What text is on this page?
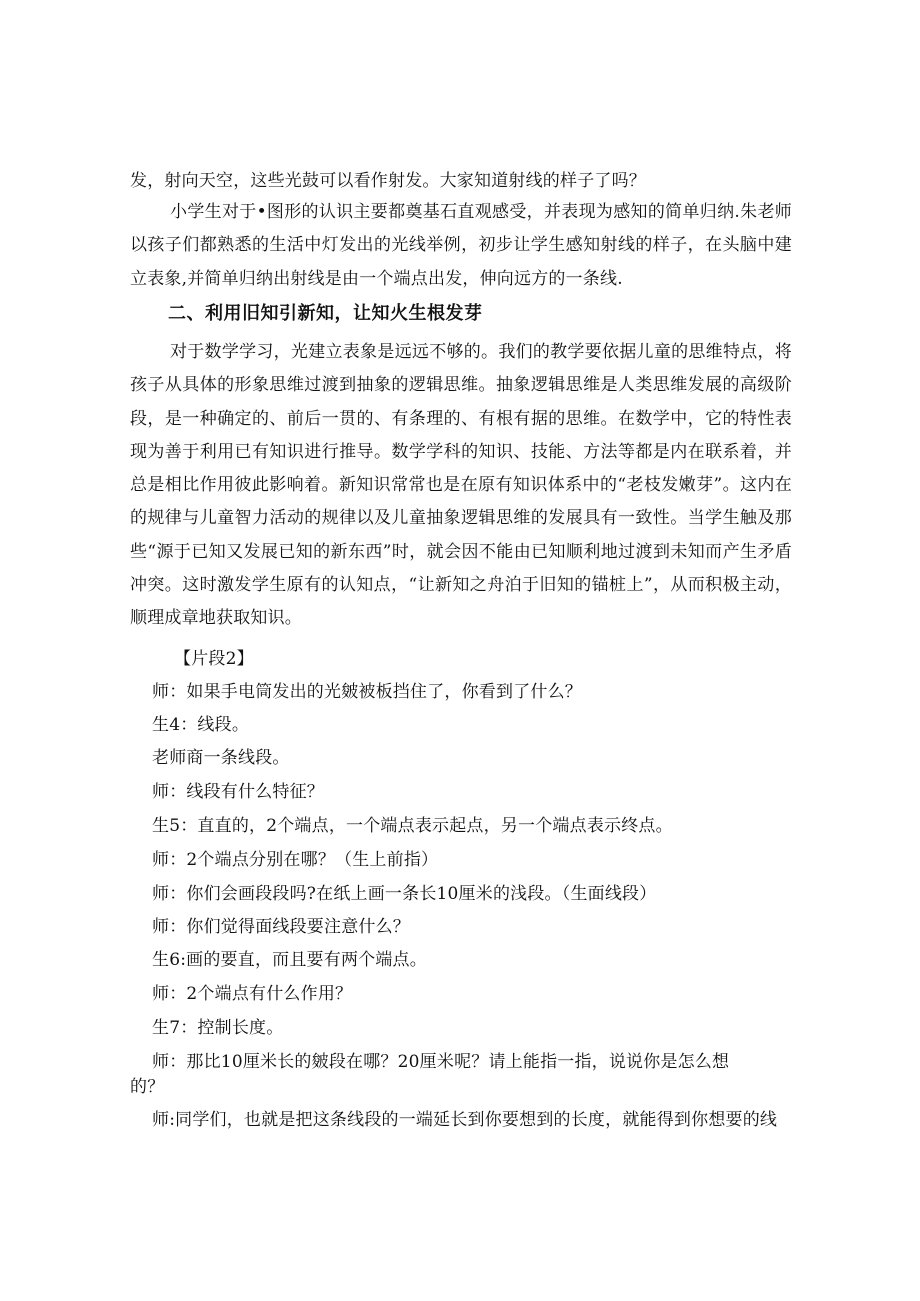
发，射向天空，这些光鼓可以看作射发。大家知道射线的样子了吗？
小学生对于•图形的认识主要都奠基石直观感受，并表现为感知的简单归纳.朱老师以孩子们都熟悉的生活中灯发出的光线举例，初步让学生感知射线的样子，在头脑中建立表象,并简单归纳出射线是由一个端点出发，伸向远方的一条线.
二、利用旧知引新知，让知火生根发芽
对于数学学习，光建立表象是远远不够的。我们的教学要依据儿童的思维特点，将孩子从具体的形象思维过渡到抽象的逻辑思维。抽象逻辑思维是人类思维发展的高级阶段，是一种确定的、前后一贯的、有条理的、有根有据的思维。在数学中，它的特性表现为善于利用已有知识进行推导。数学学科的知识、技能、方法等都是内在联系着，并总是相比作用彼此影响着。新知识常常也是在原有知识体系中的“老枝发嫩芽”。这内在的规律与儿童智力活动的规律以及儿童抽象逻辑思维的发展具有一致性。当学生触及那些“源于已知又发展已知的新东西”时，就会因不能由已知顺利地过渡到未知而产生矛盾冲突。这时激发学生原有的认知点，“让新知之舟泊于旧知的锚桩上”，从而积极主动，顺理成章地获取知识。
【片段2】
师：如果手电筒发出的光皴被板挡住了，你看到了什么？
生4：线段。
老师商一条线段。
师：线段有什么特征？
生5：直直的，2个端点，一个端点表示起点，另一个端点表示终点。
师：2个端点分别在哪？（生上前指）
师：你们会画段段吗?在纸上画一条长10厘米的浅段。（生面线段）
师：你们觉得面线段要注意什么？
生6:画的要直，而且要有两个端点。
师：2个端点有什么作用？
生7：控制长度。
师：那比10厘米长的皴段在哪？20厘米呢？请上能指一指，说说你是怎么想
的？
师:同学们，也就是把这条线段的一端延长到你要想到的长度，就能得到你想要的线
